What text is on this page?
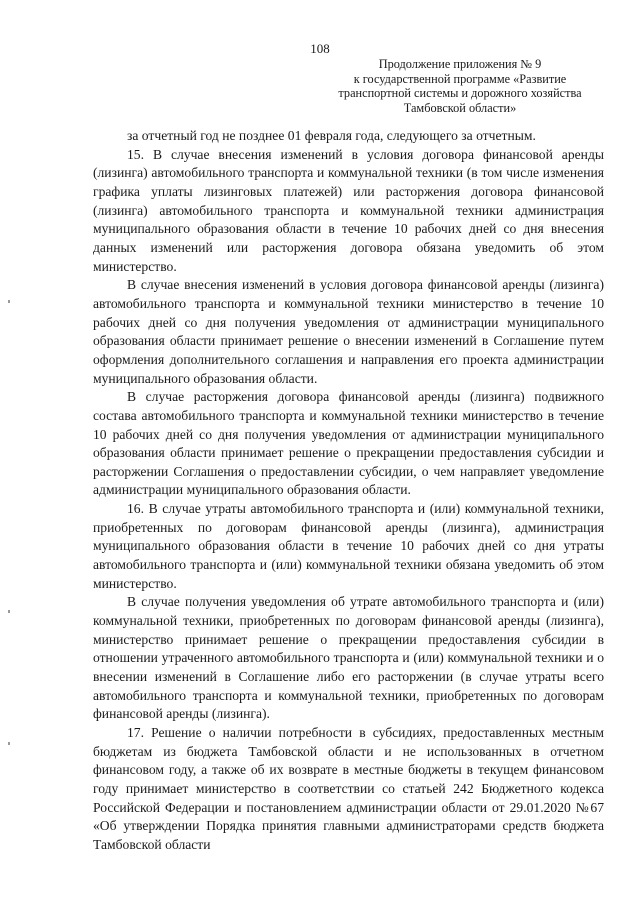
108
Продолжение приложения № 9
к государственной программе «Развитие
транспортной системы и дорожного хозяйства
Тамбовской области»

за отчетный год не позднее 01 февраля года, следующего за отчетным.

15. В случае внесения изменений в условия договора финансовой аренды (лизинга) автомобильного транспорта и коммунальной техники (в том числе изменения графика уплаты лизинговых платежей) или расторжения договора финансовой (лизинга) автомобильного транспорта и коммунальной техники администрация муниципального образования области в течение 10 рабочих дней со дня внесения данных изменений или расторжения договора обязана уведомить об этом министерство.

В случае внесения изменений в условия договора финансовой аренды (лизинга) автомобильного транспорта и коммунальной техники министерство в течение 10 рабочих дней со дня получения уведомления от администрации муниципального образования области принимает решение о внесении изменений в Соглашение путем оформления дополнительного соглашения и направления его проекта администрации муниципального образования области.

В случае расторжения договора финансовой аренды (лизинга) подвижного состава автомобильного транспорта и коммунальной техники министерство в течение 10 рабочих дней со дня получения уведомления от администрации муниципального образования области принимает решение о прекращении предоставления субсидии и расторжении Соглашения о предоставлении субсидии, о чем направляет уведомление администрации муниципального образования области.

16. В случае утраты автомобильного транспорта и (или) коммунальной техники, приобретенных по договорам финансовой аренды (лизинга), администрация муниципального образования области в течение 10 рабочих дней со дня утраты автомобильного транспорта и (или) коммунальной техники обязана уведомить об этом министерство.

В случае получения уведомления об утрате автомобильного транспорта и (или) коммунальной техники, приобретенных по договорам финансовой аренды (лизинга), министерство принимает решение о прекращении предоставления субсидии в отношении утраченного автомобильного транспорта и (или) коммунальной техники и о внесении изменений в Соглашение либо его расторжении (в случае утраты всего автомобильного транспорта и коммунальной техники, приобретенных по договорам финансовой аренды (лизинга).

17. Решение о наличии потребности в субсидиях, предоставленных местным бюджетам из бюджета Тамбовской области и не использованных в отчетном финансовом году, а также об их возврате в местные бюджеты в текущем финансовом году принимает министерство в соответствии со статьей 242 Бюджетного кодекса Российской Федерации и постановлением администрации области от 29.01.2020 №67 «Об утверждении Порядка принятия главными администраторами средств бюджета Тамбовской области
